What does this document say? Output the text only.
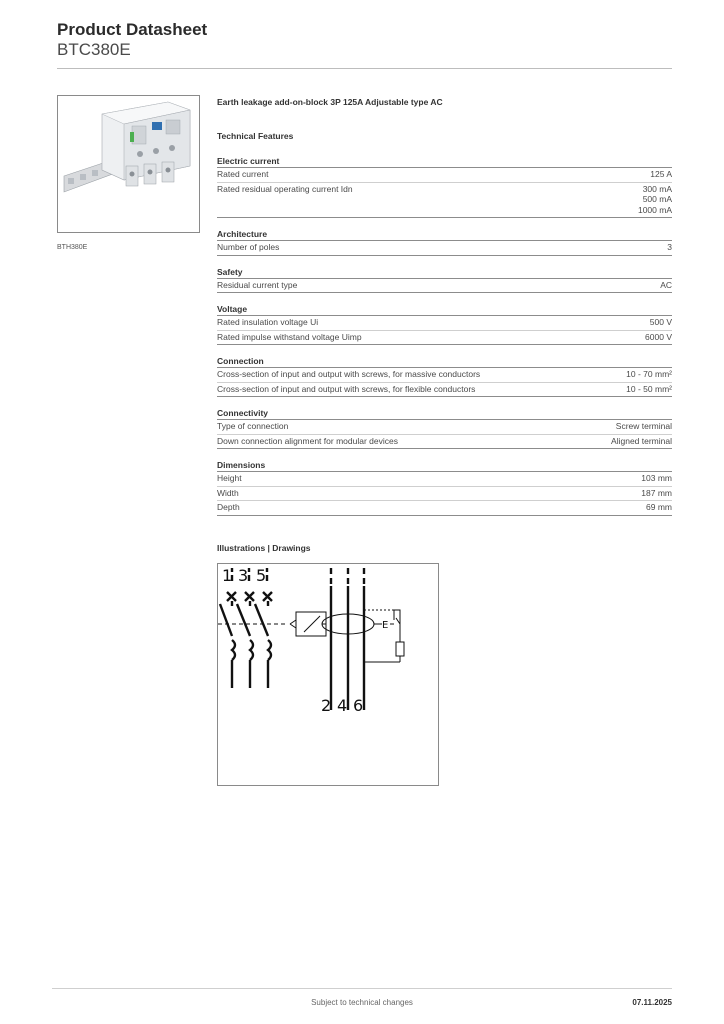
Product Datasheet
BTC380E
BTH380E
Earth leakage add-on-block 3P 125A Adjustable type AC
Technical Features
Electric current
Rated current	125 A
Rated residual operating current Idn	300 mA
500 mA
1000 mA
Architecture
Number of poles	3
Safety
Residual current type	AC
Voltage
Rated insulation voltage Ui	500 V
Rated impulse withstand voltage Uimp	6000 V
Connection
Cross-section of input and output with screws, for massive conductors	10 - 70 mm²
Cross-section of input and output with screws, for flexible conductors	10 - 50 mm²
Connectivity
Type of connection	Screw terminal
Down connection alignment for modular devices	Aligned terminal
Dimensions
Height	103 mm
Width	187 mm
Depth	69 mm
Illustrations | Drawings
1 3 5
E
2 4 6
Subject to technical changes	07.11.2025
